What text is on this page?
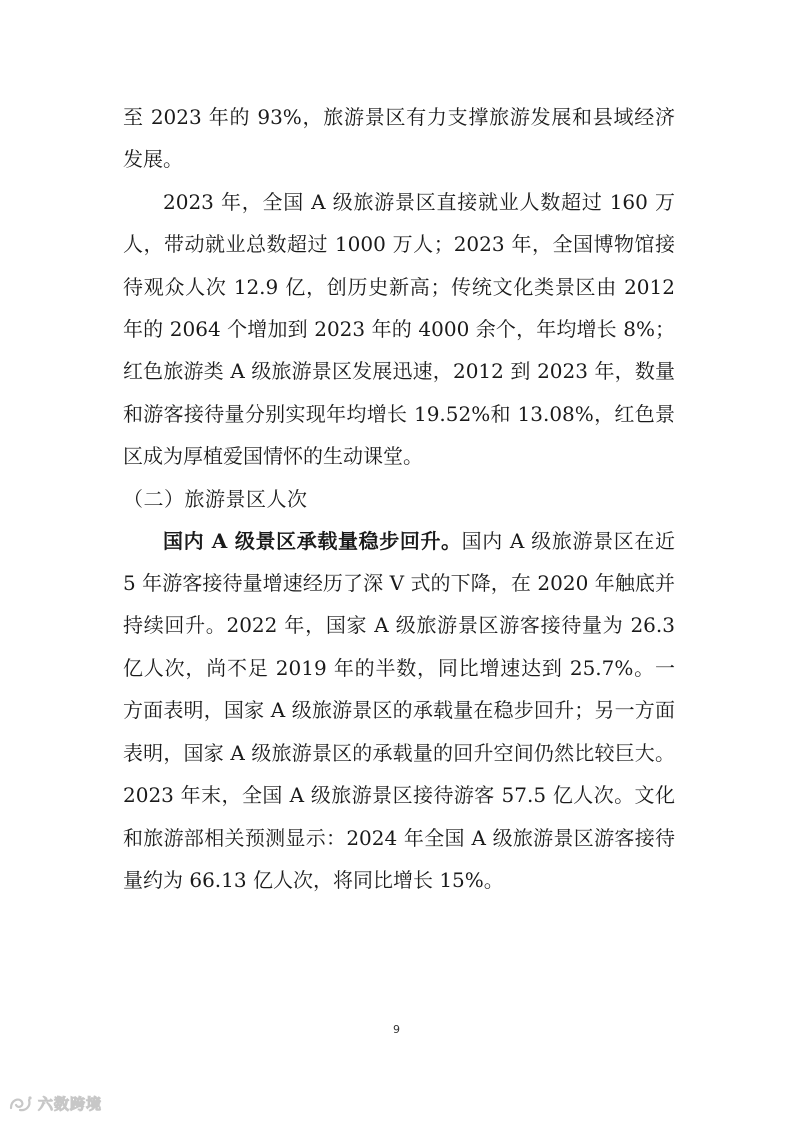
至 2023 年的 93%，旅游景区有力支撑旅游发展和县域经济发展。

2023 年，全国 A 级旅游景区直接就业人数超过 160 万人，带动就业总数超过 1000 万人；2023 年，全国博物馆接待观众人次 12.9 亿，创历史新高；传统文化类景区由 2012 年的 2064 个增加到 2023 年的 4000 余个，年均增长 8%；红色旅游类 A 级旅游景区发展迅速，2012 到 2023 年，数量和游客接待量分别实现年均增长 19.52%和 13.08%，红色景区成为厚植爱国情怀的生动课堂。

（二）旅游景区人次

国内 A 级景区承载量稳步回升。国内 A 级旅游景区在近 5 年游客接待量增速经历了深 V 式的下降，在 2020 年触底并持续回升。2022 年，国家 A 级旅游景区游客接待量为 26.3 亿人次，尚不足 2019 年的半数，同比增速达到 25.7%。一方面表明，国家 A 级旅游景区的承载量在稳步回升；另一方面表明，国家 A 级旅游景区的承载量的回升空间仍然比较巨大。2023 年末，全国 A 级旅游景区接待游客 57.5 亿人次。文化和旅游部相关预测显示：2024 年全国 A 级旅游景区游客接待量约为 66.13 亿人次，将同比增长 15%。

9
六数跨境
